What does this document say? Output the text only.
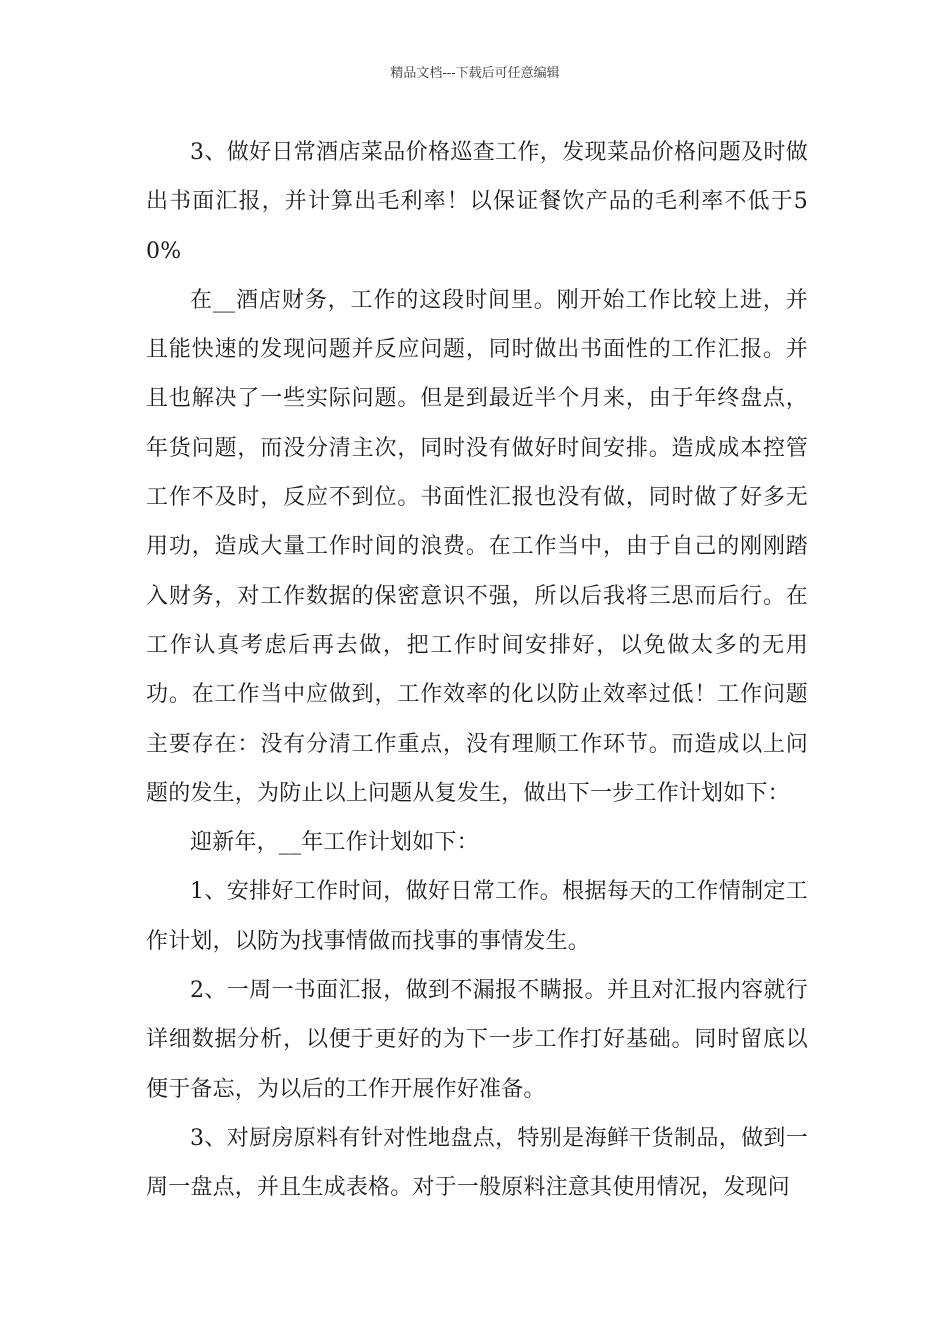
精品文档---下载后可任意编辑

3、做好日常酒店菜品价格巡查工作，发现菜品价格问题及时做出书面汇报，并计算出毛利率！以保证餐饮产品的毛利率不低于50%

在__酒店财务，工作的这段时间里。刚开始工作比较上进，并且能快速的发现问题并反应问题，同时做出书面性的工作汇报。并且也解决了一些实际问题。但是到最近半个月来，由于年终盘点，年货问题，而没分清主次，同时没有做好时间安排。造成成本控管工作不及时，反应不到位。书面性汇报也没有做，同时做了好多无用功，造成大量工作时间的浪费。在工作当中，由于自己的刚刚踏入财务，对工作数据的保密意识不强，所以后我将三思而后行。在工作认真考虑后再去做，把工作时间安排好，以免做太多的无用功。在工作当中应做到，工作效率的化以防止效率过低！工作问题主要存在：没有分清工作重点，没有理顺工作环节。而造成以上问题的发生，为防止以上问题从复发生，做出下一步工作计划如下：

迎新年，__年工作计划如下：

1、安排好工作时间，做好日常工作。根据每天的工作情制定工作计划，以防为找事情做而找事的事情发生。

2、一周一书面汇报，做到不漏报不瞒报。并且对汇报内容就行详细数据分析，以便于更好的为下一步工作打好基础。同时留底以便于备忘，为以后的工作开展作好准备。

3、对厨房原料有针对性地盘点，特别是海鲜干货制品，做到一周一盘点，并且生成表格。对于一般原料注意其使用情况，发现问
